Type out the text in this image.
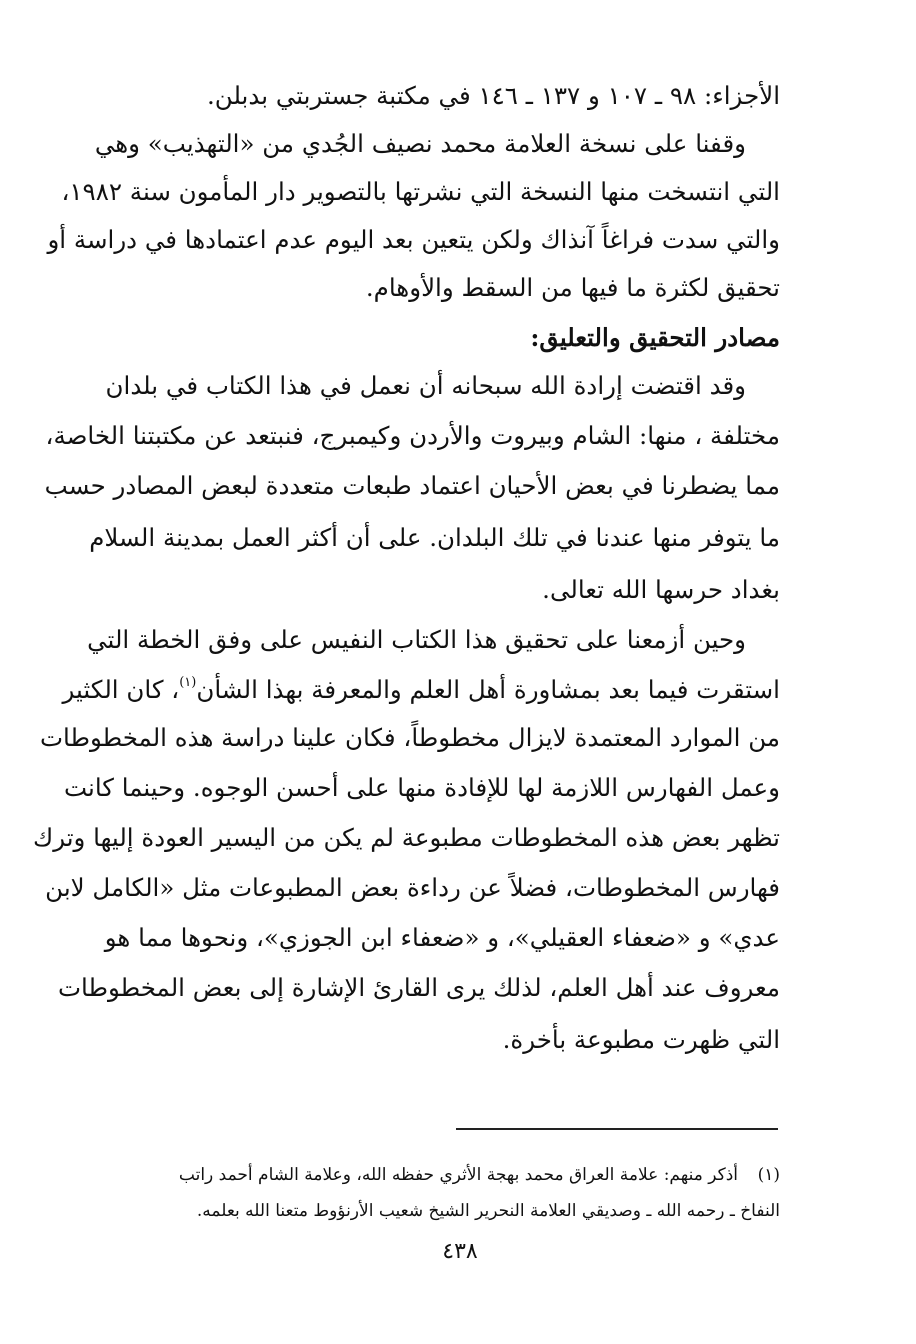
الأجزاء: ٩٨ ـ ١٠٧ و ١٣٧ ـ ١٤٦ في مكتبة جستربتي بدبلن.
وقفنا على نسخة العلامة محمد نصيف الجُدي من «التهذيب» وهي
التي انتسخت منها النسخة التي نشرتها بالتصوير دار المأمون سنة ١٩٨٢،
والتي سدت فراغاً آنذاك ولكن يتعين بعد اليوم عدم اعتمادها في دراسة أو
تحقيق لكثرة ما فيها من السقط والأوهام.
مصادر التحقيق والتعليق:
وقد اقتضت إرادة الله سبحانه أن نعمل في هذا الكتاب في بلدان
مختلفة ، منها: الشام وبيروت والأردن وكيمبرج، فنبتعد عن مكتبتنا الخاصة،
مما يضطرنا في بعض الأحيان اعتماد طبعات متعددة لبعض المصادر حسب
ما يتوفر منها عندنا في تلك البلدان. على أن أكثر العمل بمدينة السلام
بغداد حرسها الله تعالى.
وحين أزمعنا على تحقيق هذا الكتاب النفيس على وفق الخطة التي
استقرت فيما بعد بمشاورة أهل العلم والمعرفة بهذا الشأن$^{(١)}$، كان الكثير
من الموارد المعتمدة لايزال مخطوطاً، فكان علينا دراسة هذه المخطوطات
وعمل الفهارس اللازمة لها للإفادة منها على أحسن الوجوه. وحينما كانت
تظهر بعض هذه المخطوطات مطبوعة لم يكن من اليسير العودة إليها وترك
فهارس المخطوطات، فضلاً عن رداءة بعض المطبوعات مثل «الكامل لابن
عدي» و «ضعفاء العقيلي»، و «ضعفاء ابن الجوزي»، ونحوها مما هو
معروف عند أهل العلم، لذلك يرى القارئ الإشارة إلى بعض المخطوطات
التي ظهرت مطبوعة بأخرة.
(١)
أذكر منهم: علامة العراق محمد بهجة الأثري حفظه الله، وعلامة الشام أحمد راتب
النفاخ ـ رحمه الله ـ وصديقي العلامة النحرير الشيخ شعيب الأرنؤوط متعنا الله بعلمه.
٤٣٨
